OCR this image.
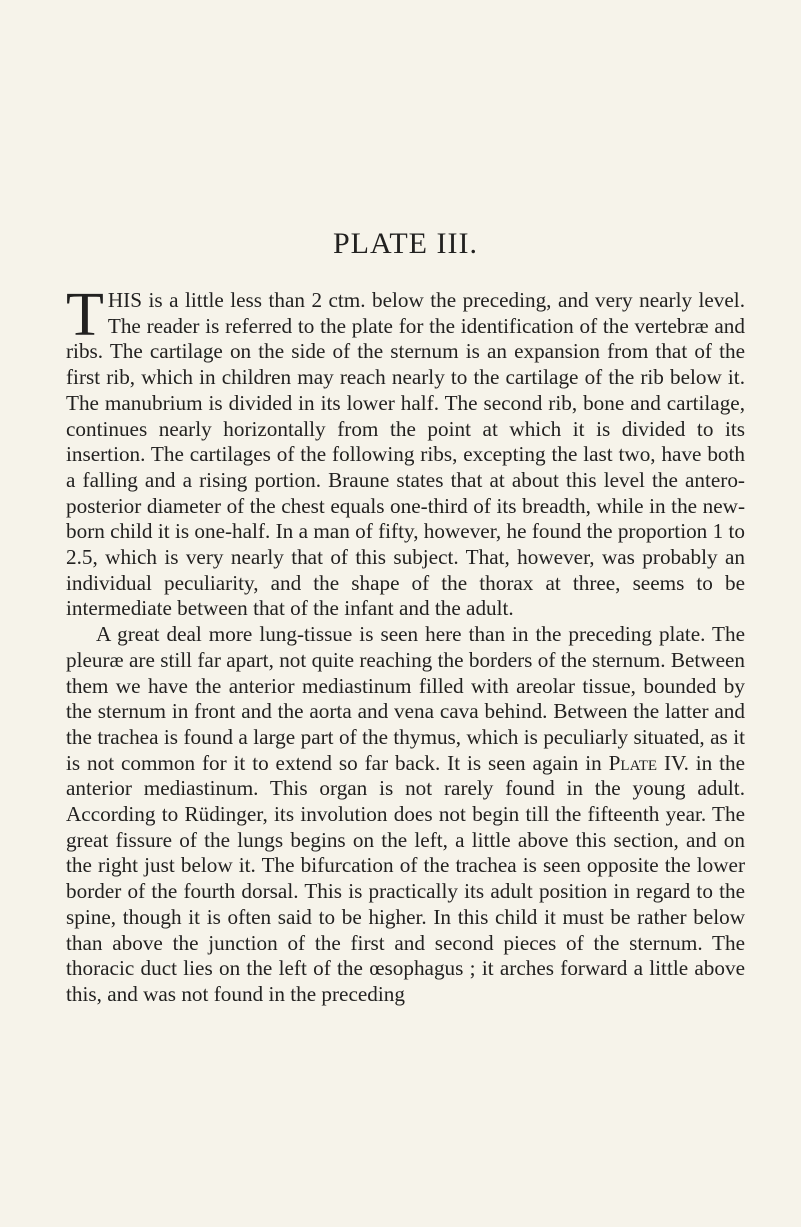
PLATE III.

THIS is a little less than 2 ctm. below the preceding, and very nearly level. The reader is referred to the plate for the identification of the vertebræ and ribs. The cartilage on the side of the sternum is an expansion from that of the first rib, which in children may reach nearly to the cartilage of the rib below it. The manubrium is divided in its lower half. The second rib, bone and cartilage, continues nearly horizontally from the point at which it is divided to its insertion. The cartilages of the following ribs, excepting the last two, have both a falling and a rising portion. Braune states that at about this level the antero-posterior diameter of the chest equals one-third of its breadth, while in the new-born child it is one-half. In a man of fifty, however, he found the proportion 1 to 2.5, which is very nearly that of this subject. That, however, was probably an individual peculiarity, and the shape of the thorax at three, seems to be intermediate between that of the infant and the adult.

A great deal more lung-tissue is seen here than in the preceding plate. The pleuræ are still far apart, not quite reaching the borders of the sternum. Between them we have the anterior mediastinum filled with areolar tissue, bounded by the sternum in front and the aorta and vena cava behind. Between the latter and the trachea is found a large part of the thymus, which is peculiarly situated, as it is not common for it to extend so far back. It is seen again in Plate IV. in the anterior mediastinum. This organ is not rarely found in the young adult. According to Rüdinger, its involution does not begin till the fifteenth year. The great fissure of the lungs begins on the left, a little above this section, and on the right just below it. The bifurcation of the trachea is seen opposite the lower border of the fourth dorsal. This is practically its adult position in regard to the spine, though it is often said to be higher. In this child it must be rather below than above the junction of the first and second pieces of the sternum. The thoracic duct lies on the left of the œsophagus ; it arches forward a little above this, and was not found in the preceding
